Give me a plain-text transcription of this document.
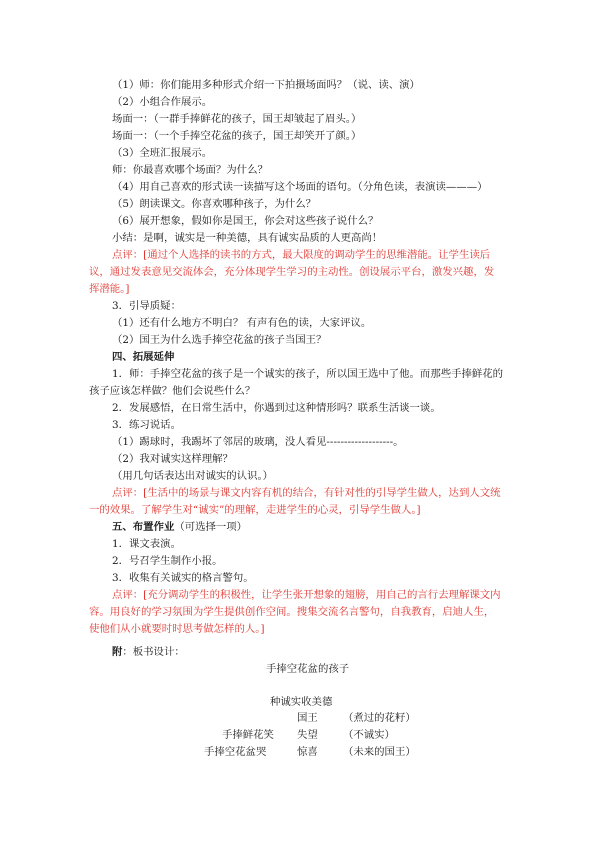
（1）师：你们能用多种形式介绍一下拍摄场面吗？（说、读、演）
（2）小组合作展示。
场面一：（一群手捧鲜花的孩子，国王却皱起了眉头。）
场面一：（一个手捧空花盆的孩子，国王却笑开了颜。）
（3）全班汇报展示。
师：你最喜欢哪个场面？为什么？
（4）用自己喜欢的形式读一读描写这个场面的语句。（分角色读，表演读———）
（5）朗读课文。你喜欢哪种孩子，为什么？
（6）展开想象，假如你是国王，你会对这些孩子说什么？
小结：是啊，诚实是一种美德，具有诚实品质的人更高尚！
点评：[通过个人选择的读书的方式，最大限度的调动学生的思维潜能。让学生读后
议，通过发表意见交流体会，充分体现学生学习的主动性。创设展示平台，激发兴趣，发
挥潜能。]
3．引导质疑：
（1）还有什么地方不明白？ 有声有色的读，大家评议。
（2）国王为什么选手捧空花盆的孩子当国王？
四、拓展延伸
1．师：手捧空花盆的孩子是一个诚实的孩子，所以国王选中了他。而那些手捧鲜花的
孩子应该怎样做？他们会说些什么？
2．发展感悟，在日常生活中，你遇到过这种情形吗？联系生活谈一谈。
3．练习说话。
（1）踢球时，我踢坏了邻居的玻璃，没人看见-------------------。
（2）我对诚实这样理解？
（用几句话表达出对诚实的认识。）
点评：[生活中的场景与课文内容有机的结合，有针对性的引导学生做人，达到人文统
一的效果。了解学生对“诚实”的理解，走进学生的心灵，引导学生做人。]
五、布置作业（可选择一项）
1．课文表演。
2．号召学生制作小报。
3．收集有关诚实的格言警句。
点评：[充分调动学生的积极性，让学生张开想象的翅膀，用自己的言行去理解课文内
容。用良好的学习氛围为学生提供创作空间。搜集交流名言警句，自我教育，启迪人生，
使他们从小就要时时思考做怎样的人。]
附：板书设计：
手捧空花盆的孩子
种诚实收美德
国王 （煮过的花籽）
手捧鲜花笑 失望 （不诚实）
手捧空花盆哭	惊喜 （未来的国王）
